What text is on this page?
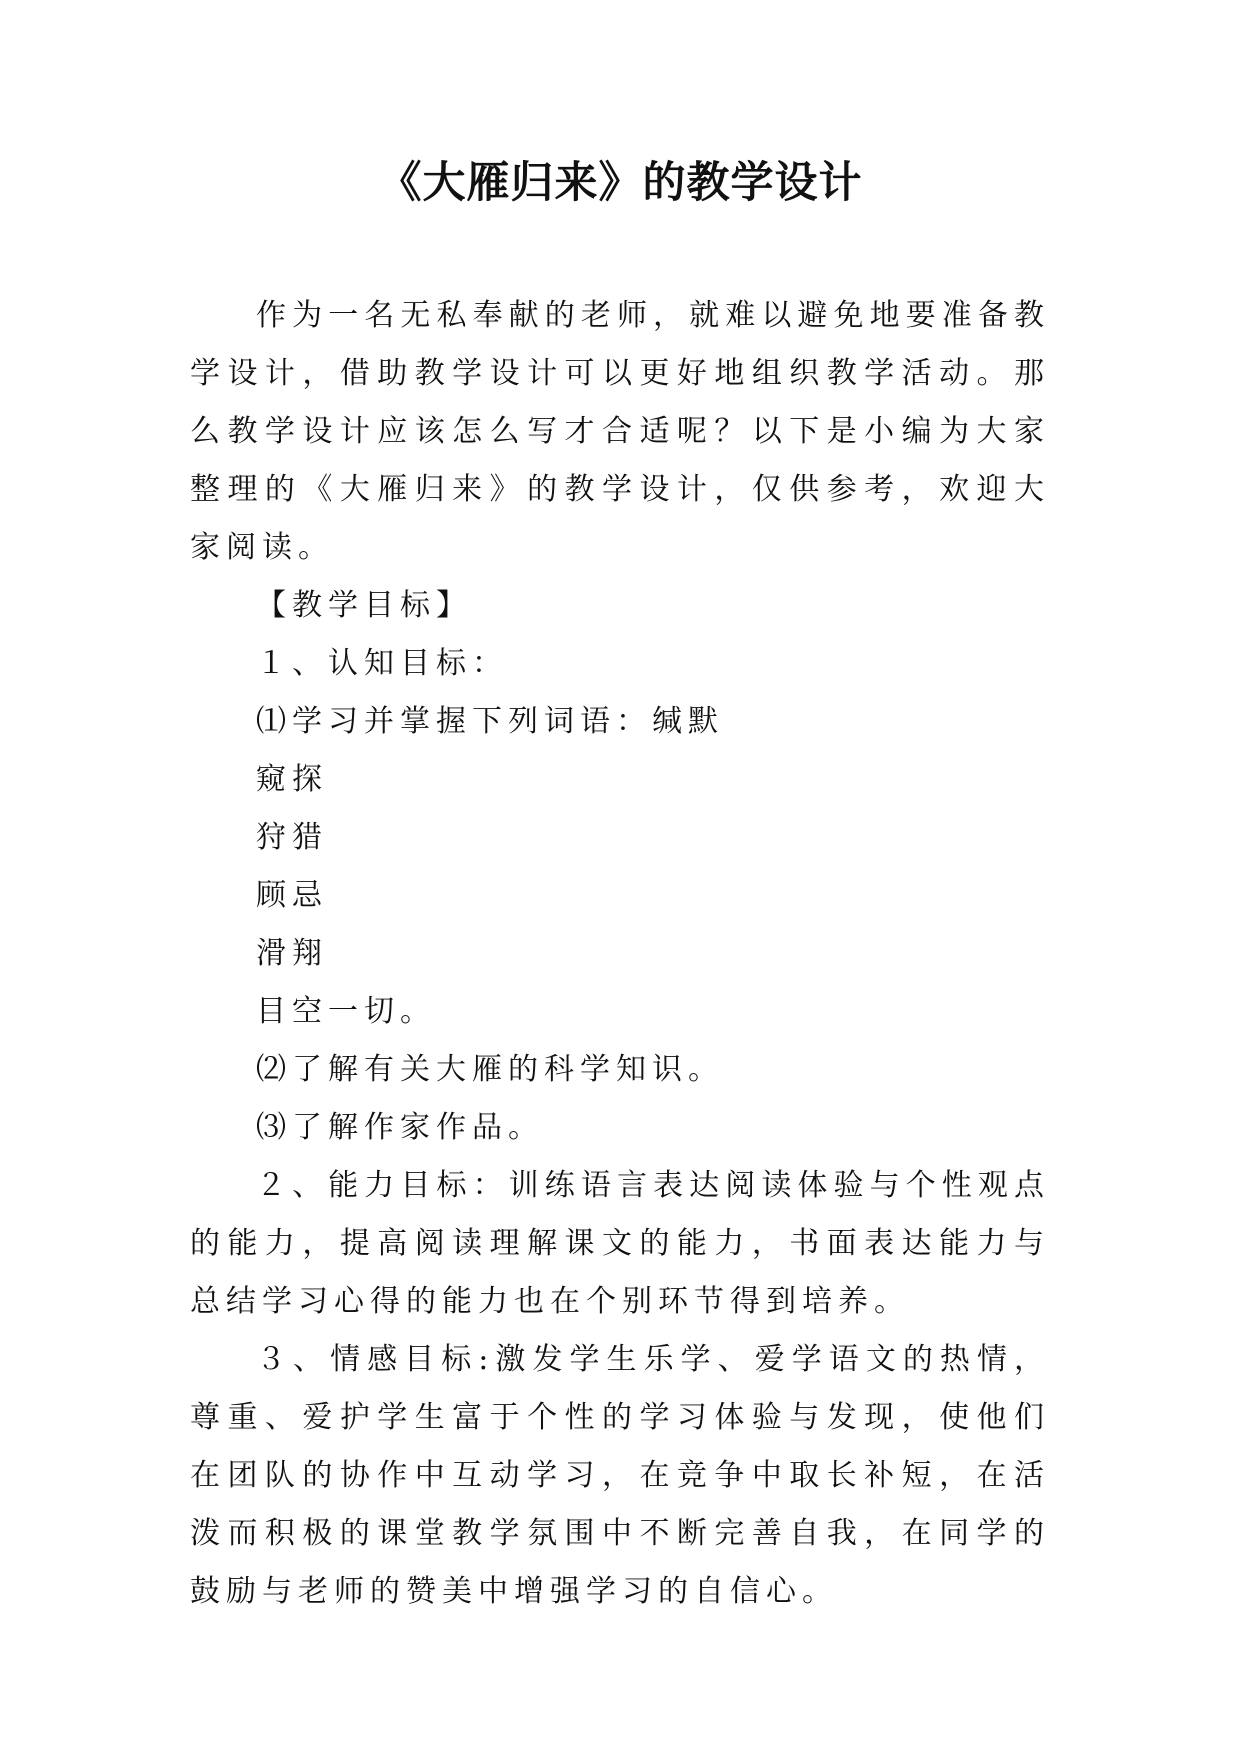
《大雁归来》的教学设计

作为一名无私奉献的老师，就难以避免地要准备教学设计，借助教学设计可以更好地组织教学活动。那么教学设计应该怎么写才合适呢？以下是小编为大家整理的《大雁归来》的教学设计，仅供参考，欢迎大家阅读。

【教学目标】

１、认知目标：

⑴学习并掌握下列词语：缄默

窥探

狩猎

顾忌

滑翔

目空一切。

⑵了解有关大雁的科学知识。

⑶了解作家作品。

２、能力目标：训练语言表达阅读体验与个性观点的能力，提高阅读理解课文的能力，书面表达能力与总结学习心得的能力也在个别环节得到培养。

３、情感目标:激发学生乐学、爱学语文的热情，尊重、爱护学生富于个性的学习体验与发现，使他们在团队的协作中互动学习，在竞争中取长补短，在活泼而积极的课堂教学氛围中不断完善自我，在同学的鼓励与老师的赞美中增强学习的自信心。
